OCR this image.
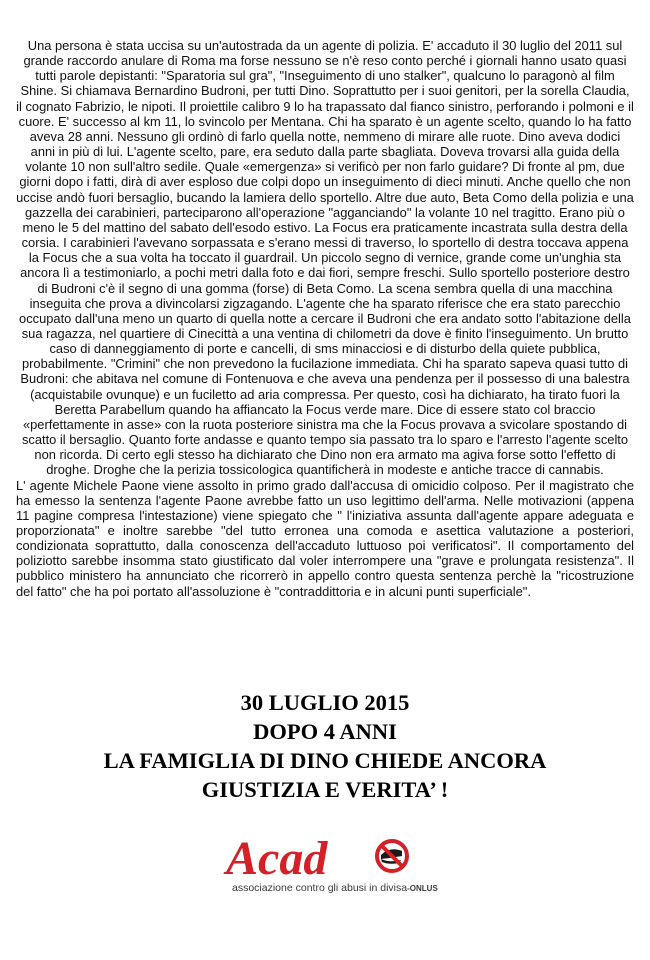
Una persona è stata uccisa su un'autostrada da un agente di polizia. E' accaduto il 30 luglio del 2011 sul grande raccordo anulare di Roma ma forse nessuno se n'è reso conto perché i giornali hanno usato quasi tutti parole depistanti: "Sparatoria sul gra", "Inseguimento di uno stalker", qualcuno lo paragonò al film Shine. Si chiamava Bernardino Budroni, per tutti Dino. Soprattutto per i suoi genitori, per la sorella Claudia, il cognato Fabrizio, le nipoti. Il proiettile calibro 9 lo ha trapassato dal fianco sinistro, perforando i polmoni e il cuore. E' successo al km 11, lo svincolo per Mentana. Chi ha sparato è un agente scelto, quando lo ha fatto aveva 28 anni. Nessuno gli ordinò di farlo quella notte, nemmeno di mirare alle ruote. Dino aveva dodici anni in più di lui. L'agente scelto, pare, era seduto dalla parte sbagliata. Doveva trovarsi alla guida della volante 10 non sull'altro sedile. Quale «emergenza» si verificò per non farlo guidare? Di fronte al pm, due giorni dopo i fatti, dirà di aver esploso due colpi dopo un inseguimento di dieci minuti. Anche quello che non uccise andò fuori bersaglio, bucando la lamiera dello sportello. Altre due auto, Beta Como della polizia e una gazzella dei carabinieri, parteciparono all'operazione "agganciando" la volante 10 nel tragitto. Erano più o meno le 5 del mattino del sabato dell'esodo estivo. La Focus era praticamente incastrata sulla destra della corsia. I carabinieri l'avevano sorpassata e s'erano messi di traverso, lo sportello di destra toccava appena la Focus che a sua volta ha toccato il guardrail. Un piccolo segno di vernice, grande come un'unghia sta ancora lì a testimoniarlo, a pochi metri dalla foto e dai fiori, sempre freschi. Sullo sportello posteriore destro di Budroni c'è il segno di una gomma (forse) di Beta Como. La scena sembra quella di una macchina inseguita che prova a divincolarsi zigzagando. L'agente che ha sparato riferisce che era stato parecchio occupato dall'una meno un quarto di quella notte a cercare il Budroni che era andato sotto l'abitazione della sua ragazza, nel quartiere di Cinecittà a una ventina di chilometri da dove è finito l'inseguimento. Un brutto caso di danneggiamento di porte e cancelli, di sms minacciosi e di disturbo della quiete pubblica, probabilmente. "Crimini" che non prevedono la fucilazione immediata. Chi ha sparato sapeva quasi tutto di Budroni: che abitava nel comune di Fontenuova e che aveva una pendenza per il possesso di una balestra (acquistabile ovunque) e un fuciletto ad aria compressa. Per questo, così ha dichiarato, ha tirato fuori la Beretta Parabellum quando ha affiancato la Focus verde mare. Dice di essere stato col braccio «perfettamente in asse» con la ruota posteriore sinistra ma che la Focus provava a svicolare spostando di scatto il bersaglio. Quanto forte andasse e quanto tempo sia passato tra lo sparo e l'arresto l'agente scelto non ricorda. Di certo egli stesso ha dichiarato che Dino non era armato ma agiva forse sotto l'effetto di droghe. Droghe che la perizia tossicologica quantificherà in modeste e antiche tracce di cannabis.

L' agente Michele Paone viene assolto in primo grado dall'accusa di omicidio colposo. Per il magistrato che ha emesso la sentenza l'agente Paone avrebbe fatto un uso legittimo dell'arma. Nelle motivazioni (appena 11 pagine compresa l'intestazione) viene spiegato che " l'iniziativa assunta dall'agente appare adeguata e proporzionata" e inoltre sarebbe "del tutto erronea una comoda e asettica valutazione a posteriori, condizionata soprattutto, dalla conoscenza dell'accaduto luttuoso poi verificatosi". Il comportamento del poliziotto sarebbe insomma stato giustificato dal voler interrompere una "grave e prolungata resistenza". Il pubblico ministero ha annunciato che ricorrerò in appello contro questa sentenza perchè la "ricostruzione del fatto" che ha poi portato all'assoluzione è "contraddittoria e in alcuni punti superficiale".

30 LUGLIO 2015
DOPO 4 ANNI
LA FAMIGLIA DI DINO CHIEDE ANCORA
GIUSTIZIA E VERITA’ !
Acad
associazione contro gli abusi in divisa-ONLUS
